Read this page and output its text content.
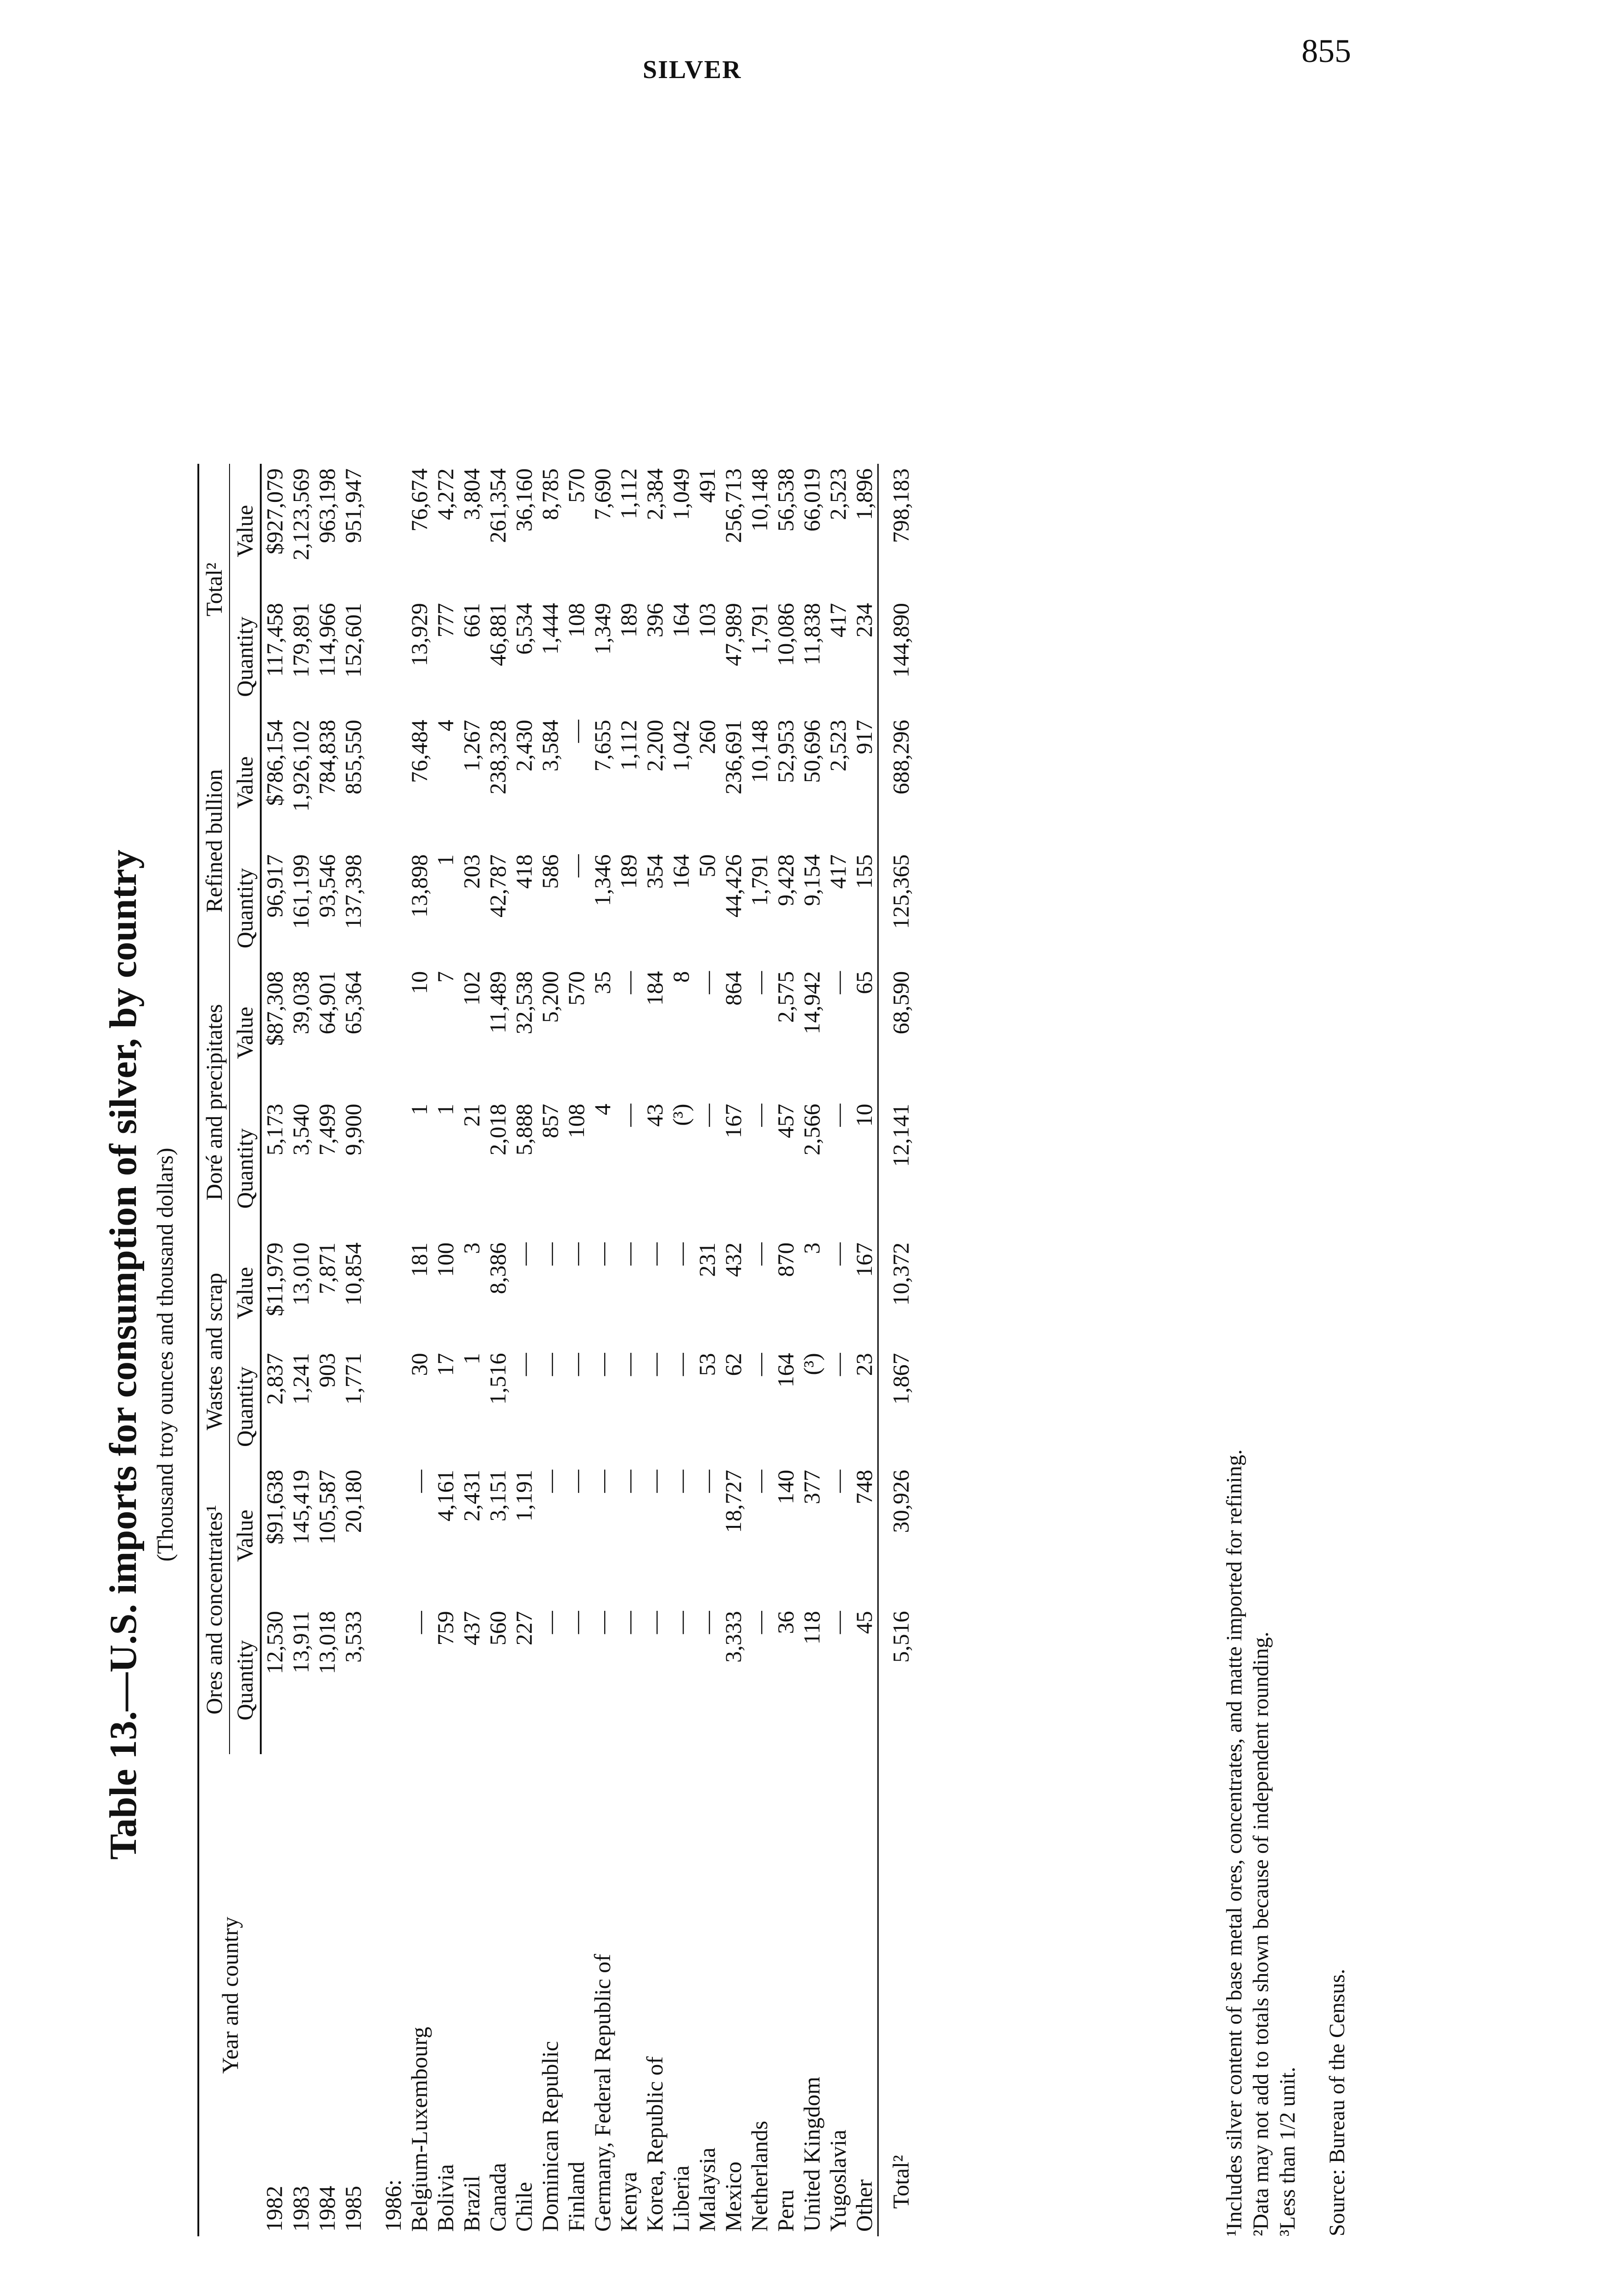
855
SILVER
Table 13.—U.S. imports for consumption of silver, by country (Thousand troy ounces and thousand dollars)
Year and country	Ores and concentrates¹		Wastes and scrap		Doré and precipitates		Refined bullion		Total²	
	Quantity	Value	Quantity	Value	Quantity	Value	Quantity	Value	Quantity	Value
1982	12,530	$91,638	2,837	$11,979	5,173	$87,308	96,917	$786,154	117,458	$927,079
1983	13,911	145,419	1,241	13,010	3,540	39,038	161,199	1,926,102	179,891	2,123,569
1984	13,018	105,587	903	7,871	7,499	64,901	93,546	784,838	114,966	963,198
1985	3,533	20,180	1,771	10,854	9,900	65,364	137,398	855,550	152,601	951,947
1986:										
Belgium-Luxembourg	—	—	30	181	1	10	13,898	76,484	13,929	76,674
Bolivia	759	4,161	17	100	1	7	1	4	777	4,272
Brazil	437	2,431	1	3	21	102	203	1,267	661	3,804
Canada	560	3,151	1,516	8,386	2,018	11,489	42,787	238,328	46,881	261,354
Chile	227	1,191	—	—	5,888	32,538	418	2,430	6,534	36,160
Dominican Republic	—	—	—	—	857	5,200	586	3,584	1,444	8,785
Finland	—	—	—	—	108	570	—	—	108	570
Germany, Federal Republic of	—	—	—	—	4	35	1,346	7,655	1,349	7,690
Kenya	—	—	—	—	—	—	189	1,112	189	1,112
Korea, Republic of	—	—	—	—	43	184	354	2,200	396	2,384
Liberia	—	—	—	—	(³)	8	164	1,042	164	1,049
Malaysia	—	—	53	231	—	—	50	260	103	491
Mexico	3,333	18,727	62	432	167	864	44,426	236,691	47,989	256,713
Netherlands	—	—	—	—	—	—	1,791	10,148	1,791	10,148
Peru	36	140	164	870	457	2,575	9,428	52,953	10,086	56,538
United Kingdom	118	377	(³)	3	2,566	14,942	9,154	50,696	11,838	66,019
Yugoslavia	—	—	—	—	—	—	417	2,523	417	2,523
Other	45	748	23	167	10	65	155	917	234	1,896
Total²	5,516	30,926	1,867	10,372	12,141	68,590	125,365	688,296	144,890	798,183

¹Includes silver content of base metal ores, concentrates, and matte imported for refining. ²Data may not add to totals shown because of independent rounding. ³Less than 1/2 unit. Source: Bureau of the Census.
